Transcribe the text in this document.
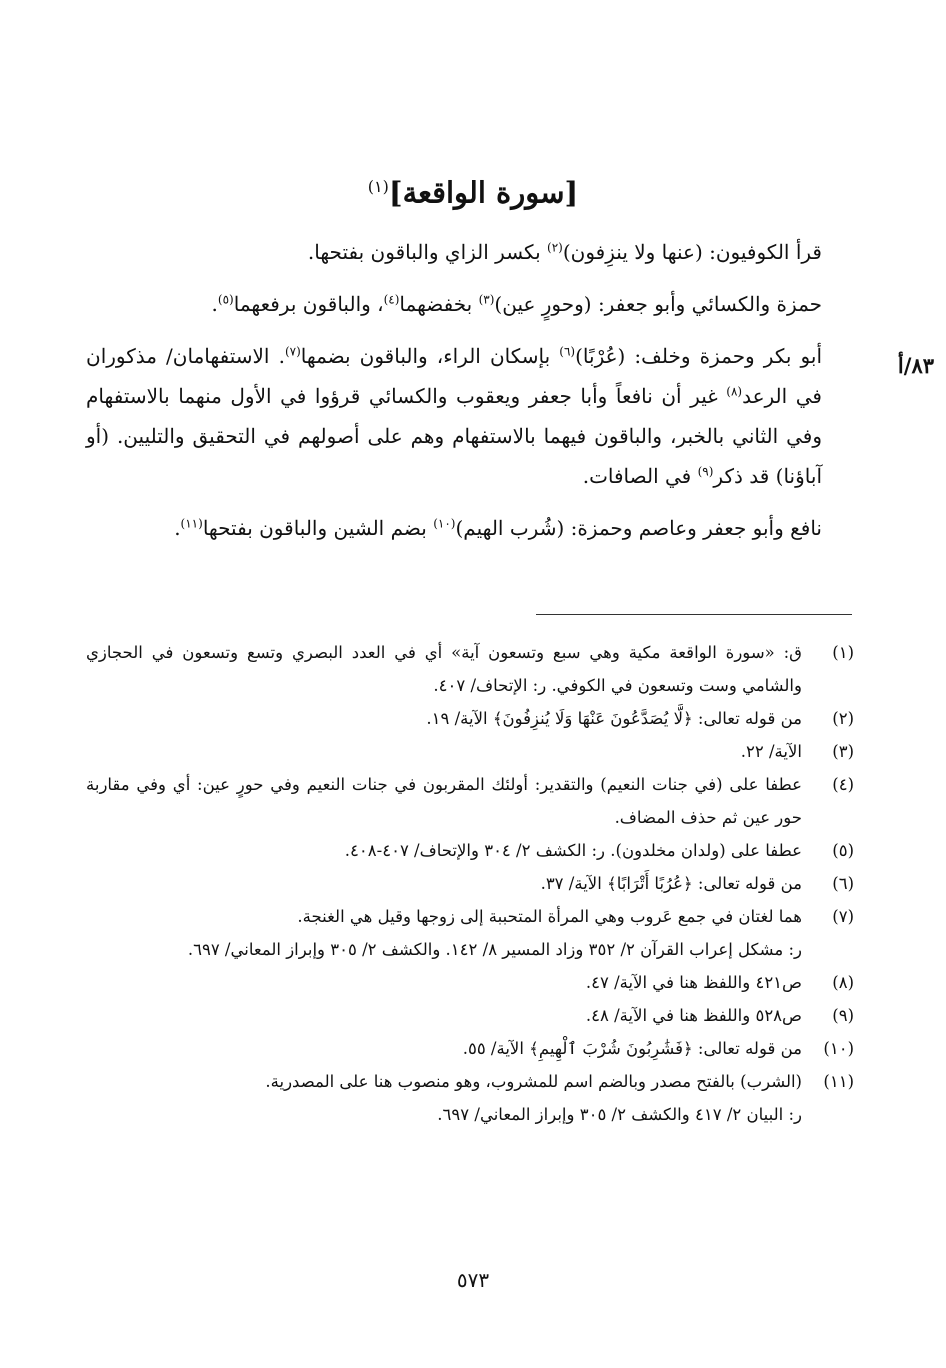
[سورة الواقعة]$^{(١)}$
٨٣/أ

قرأ الكوفيون: (عنها ولا ينزِفون)$^{(٢)}$ بكسر الزاي والباقون بفتحها.

حمزة والكسائي وأبو جعفر: (وحورٍ عين)$^{(٣)}$ بخفضهما$^{(٤)}$، والباقون برفعهما$^{(٥)}$.

أبو بكر وحمزة وخلف: (عُرْبًا)$^{(٦)}$ بإسكان الراء، والباقون بضمها$^{(٧)}$. الاستفهامان/ مذكوران في الرعد$^{(٨)}$ غير أن نافعاً وأبا جعفر ويعقوب والكسائي قرؤوا في الأول منهما بالاستفهام وفي الثاني بالخبر، والباقون فيهما بالاستفهام وهم على أصولهم في التحقيق والتليين. (أو آباؤنا) قد ذكر$^{(٩)}$ في الصافات.

نافع وأبو جعفر وعاصم وحمزة: (شُرب الهيم)$^{(١٠)}$ بضم الشين والباقون بفتحها$^{(١١)}$.

(١)
ق: «سورة الواقعة مكية وهي سبع وتسعون آية» أي في العدد البصري وتسع وتسعون في الحجازي والشامي وست وتسعون في الكوفي. ر: الإتحاف/ ٤٠٧.
(٢)
من قوله تعالى: ﴿لَّا يُصَدَّعُونَ عَنْهَا وَلَا يُنزِفُونَ﴾ الآية/ ١٩.
(٣)
الآية/ ٢٢.
(٤)
عطفا على (في جنات النعيم) والتقدير: أولئك المقربون في جنات النعيم وفي حورٍ عين: أي وفي مقاربة حور عين ثم حذف المضاف.
(٥)
عطفا على (ولدان مخلدون). ر: الكشف ٢/ ٣٠٤ والإتحاف/ ٤٠٧-٤٠٨.
(٦)
من قوله تعالى: ﴿عُرُبًا أَتْرَابًا﴾ الآية/ ٣٧.
(٧)
هما لغتان في جمع عَروب وهي المرأة المتحببة إلى زوجها وقيل هي الغنجة.
ر: مشكل إعراب القرآن ٢/ ٣٥٢ وزاد المسير ٨/ ١٤٢. والكشف ٢/ ٣٠٥ وإبراز المعاني/ ٦٩٧.
(٨)
ص٤٢١ واللفظ هنا في الآية/ ٤٧.
(٩)
ص٥٢٨ واللفظ هنا في الآية/ ٤٨.
(١٠)
من قوله تعالى: ﴿فَشَٰرِبُونَ شُرْبَ ٱلْهِيمِ﴾ الآية/ ٥٥.
(١١)
(الشرب) بالفتح مصدر وبالضم اسم للمشروب، وهو منصوب هنا على المصدرية.
ر: البيان ٢/ ٤١٧ والكشف ٢/ ٣٠٥ وإبراز المعاني/ ٦٩٧.
٥٧٣
